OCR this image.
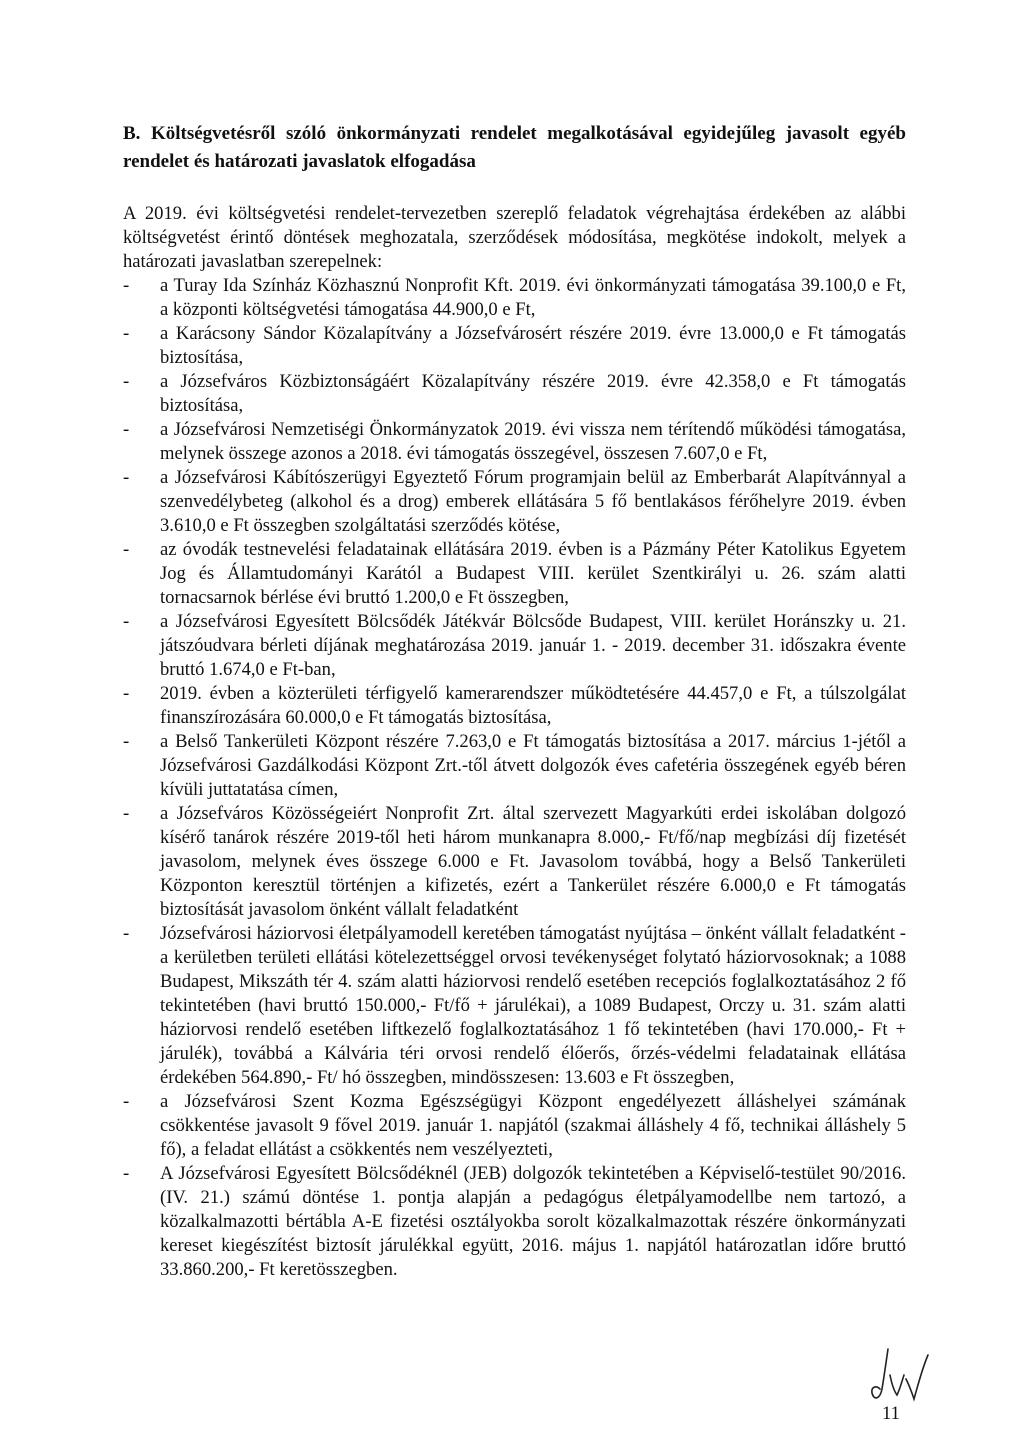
B. Költségvetésről szóló önkormányzati rendelet megalkotásával egyidejűleg javasolt egyéb rendelet és határozati javaslatok elfogadása

A 2019. évi költségvetési rendelet-tervezetben szereplő feladatok végrehajtása érdekében az alábbi költségvetést érintő döntések meghozatala, szerződések módosítása, megkötése indokolt, melyek a határozati javaslatban szerepelnek:

-	a Turay Ida Színház Közhasznú Nonprofit Kft. 2019. évi önkormányzati támogatása 39.100,0 e Ft, a központi költségvetési támogatása 44.900,0 e Ft,
-	a Karácsony Sándor Közalapítvány a Józsefvárosért részére 2019. évre 13.000,0 e Ft támogatás biztosítása,
-	a Józsefváros Közbiztonságáért Közalapítvány részére 2019. évre 42.358,0 e Ft támogatás biztosítása,
-	a Józsefvárosi Nemzetiségi Önkormányzatok 2019. évi vissza nem térítendő működési támogatása, melynek összege azonos a 2018. évi támogatás összegével, összesen 7.607,0 e Ft,
-	a Józsefvárosi Kábítószerügyi Egyeztető Fórum programjain belül az Emberbarát Alapítvánnyal a szenvedélybeteg (alkohol és a drog) emberek ellátására 5 fő bentlakásos férőhelyre 2019. évben 3.610,0 e Ft összegben szolgáltatási szerződés kötése,
-	az óvodák testnevelési feladatainak ellátására 2019. évben is a Pázmány Péter Katolikus Egyetem Jog és Államtudományi Karától a Budapest VIII. kerület Szentkirályi u. 26. szám alatti tornacsarnok bérlése évi bruttó 1.200,0 e Ft összegben,
-	a Józsefvárosi Egyesített Bölcsődék Játékvár Bölcsőde Budapest, VIII. kerület Horánszky u. 21. játszóudvara bérleti díjának meghatározása 2019. január 1. - 2019. december 31. időszakra évente bruttó 1.674,0 e Ft-ban,
-	2019. évben a közterületi térfigyelő kamerarendszer működtetésére 44.457,0 e Ft, a túlszolgálat finanszírozására 60.000,0 e Ft támogatás biztosítása,
-	a Belső Tankerületi Központ részére 7.263,0 e Ft támogatás biztosítása a 2017. március 1-jétől a Józsefvárosi Gazdálkodási Központ Zrt.-től átvett dolgozók éves cafetéria összegének egyéb béren kívüli juttatatása címen,
-	a Józsefváros Közösségeiért Nonprofit Zrt. által szervezett Magyarkúti erdei iskolában dolgozó kísérő tanárok részére 2019-től heti három munkanapra 8.000,- Ft/fő/nap megbízási díj fizetését javasolom, melynek éves összege 6.000 e Ft. Javasolom továbbá, hogy a Belső Tankerületi Központon keresztül történjen a kifizetés, ezért a Tankerület részére 6.000,0 e Ft támogatás biztosítását javasolom önként vállalt feladatként
-	Józsefvárosi háziorvosi életpályamodell keretében támogatást nyújtása – önként vállalt feladatként - a kerületben területi ellátási kötelezettséggel orvosi tevékenységet folytató háziorvosoknak; a 1088 Budapest, Mikszáth tér 4. szám alatti háziorvosi rendelő esetében recepciós foglalkoztatásához 2 fő tekintetében (havi bruttó 150.000,- Ft/fő + járulékai), a 1089 Budapest, Orczy u. 31. szám alatti háziorvosi rendelő esetében liftkezelő foglalkoztatásához 1 fő tekintetében (havi 170.000,- Ft + járulék), továbbá a Kálvária téri orvosi rendelő élőerős, őrzés-védelmi feladatainak ellátása érdekében 564.890,- Ft/ hó összegben, mindösszesen: 13.603 e Ft összegben,
-	a Józsefvárosi Szent Kozma Egészségügyi Központ engedélyezett álláshelyei számának csökkentése javasolt 9 fővel 2019. január 1. napjától (szakmai álláshely 4 fő, technikai álláshely 5 fő), a feladat ellátást a csökkentés nem veszélyezteti,
-	A Józsefvárosi Egyesített Bölcsődéknél (JEB) dolgozók tekintetében a Képviselő-testület 90/2016. (IV. 21.) számú döntése 1. pontja alapján a pedagógus életpályamodellbe nem tartozó, a közalkalmazotti bértábla A-E fizetési osztályokba sorolt közalkalmazottak részére önkormányzati kereset kiegészítést biztosít járulékkal együtt, 2016. május 1. napjától határozatlan időre bruttó 33.860.200,- Ft keretösszegben.
11
